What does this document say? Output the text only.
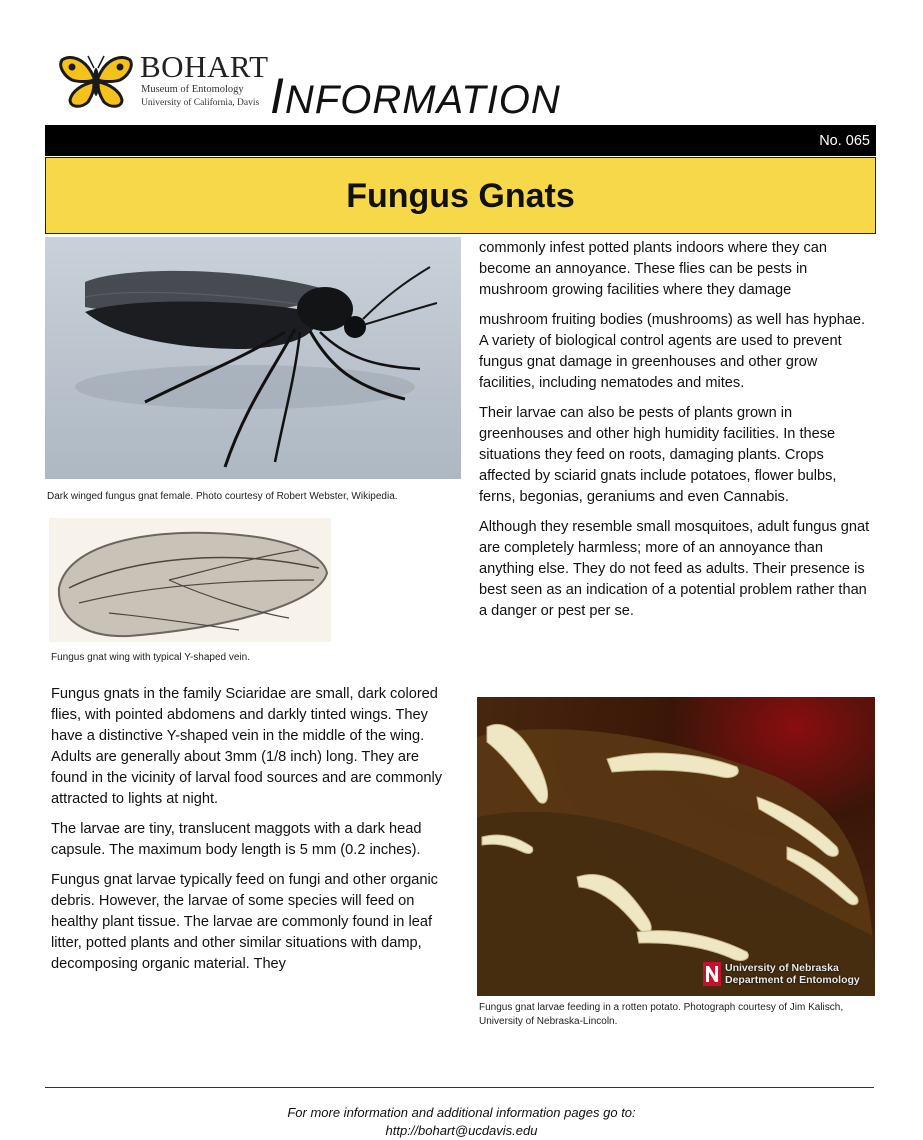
BOHART
Museum of Entomology
University of California, Davis INFORMATION
No. 065
Fungus Gnats
Dark winged fungus gnat female. Photo courtesy of Robert Webster, Wikipedia.
Fungus gnat wing with typical Y-shaped vein.

commonly infest potted plants indoors where they can become an annoyance. These flies can be pests in mushroom growing facilities where they damage

mushroom fruiting bodies (mushrooms) as well has hyphae. A variety of biological control agents are used to prevent fungus gnat damage in greenhouses and other grow facilities, including nematodes and mites.

Their larvae can also be pests of plants grown in greenhouses and other high humidity facilities. In these situations they feed on roots, damaging plants. Crops affected by sciarid gnats include potatoes, flower bulbs, ferns, begonias, geraniums and even Cannabis.

Although they resemble small mosquitoes, adult fungus gnat are completely harmless; more of an annoyance than anything else. They do not feed as adults. Their presence is best seen as an indication of a potential problem rather than a danger or pest per se.

Fungus gnats in the family Sciaridae are small, dark colored flies, with pointed abdomens and darkly tinted wings. They have a distinctive Y-shaped vein in the middle of the wing. Adults are generally about 3mm (1/8 inch) long. They are found in the vicinity of larval food sources and are commonly attracted to lights at night.

The larvae are tiny, translucent maggots with a dark head capsule. The maximum body length is 5 mm (0.2 inches).

Fungus gnat larvae typically feed on fungi and other organic debris. However, the larvae of some species will feed on healthy plant tissue. The larvae are commonly found in leaf litter, potted plants and other similar situations with damp, decomposing organic material. They	University of Nebraska
Department of Entomology
Fungus gnat larvae feeding in a rotten potato. Photograph courtesy of Jim Kalisch, University of Nebraska-Lincoln.
For more information and additional information pages go to:
http://bohart@ucdavis.edu
